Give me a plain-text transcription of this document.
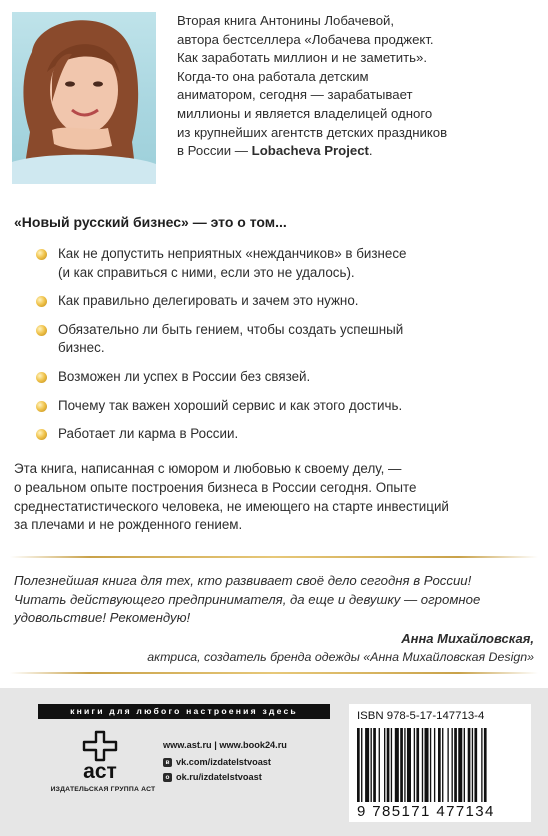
Вторая книга Антонины Лобачевой,
автора бестселлера «Лобачева проджект.
Как заработать миллион и не заметить».
Когда-то она работала детским
аниматором, сегодня — зарабатывает
миллионы и является владелицей одного
из крупнейших агентств детских праздников
в России — Lobacheva Project.
«Новый русский бизнес» — это о том...
Как не допустить неприятных «нежданчиков» в бизнесе
(и как справиться с ними, если это не удалось).
Как правильно делегировать и зачем это нужно.
Обязательно ли быть гением, чтобы создать успешный
бизнес.
Возможен ли успех в России без связей.
Почему так важен хороший сервис и как этого достичь.
Работает ли карма в России.
Эта книга, написанная с юмором и любовью к своему делу, —
о реальном опыте построения бизнеса в России сегодня. Опыте
среднестатистического человека, не имеющего на старте инвестиций
за плечами и не рожденного гением.
Полезнейшая книга для тех, кто развивает своё дело сегодня в России!
Читать действующего предпринимателя, да еще и девушку — огромное
удовольствие! Рекомендую!
Анна Михайловская,
актриса, создатель бренда одежды «Анна Михайловская Design»
книги для любого настроения здесь
аст
ИЗДАТЕЛЬСКАЯ ГРУППА АСТ
www.ast.ru | www.book24.ru
в vk.com/izdatelstvoast
о ok.ru/izdatelstvoast
ISBN 978-5-17-147713-4
9 785171 477134
